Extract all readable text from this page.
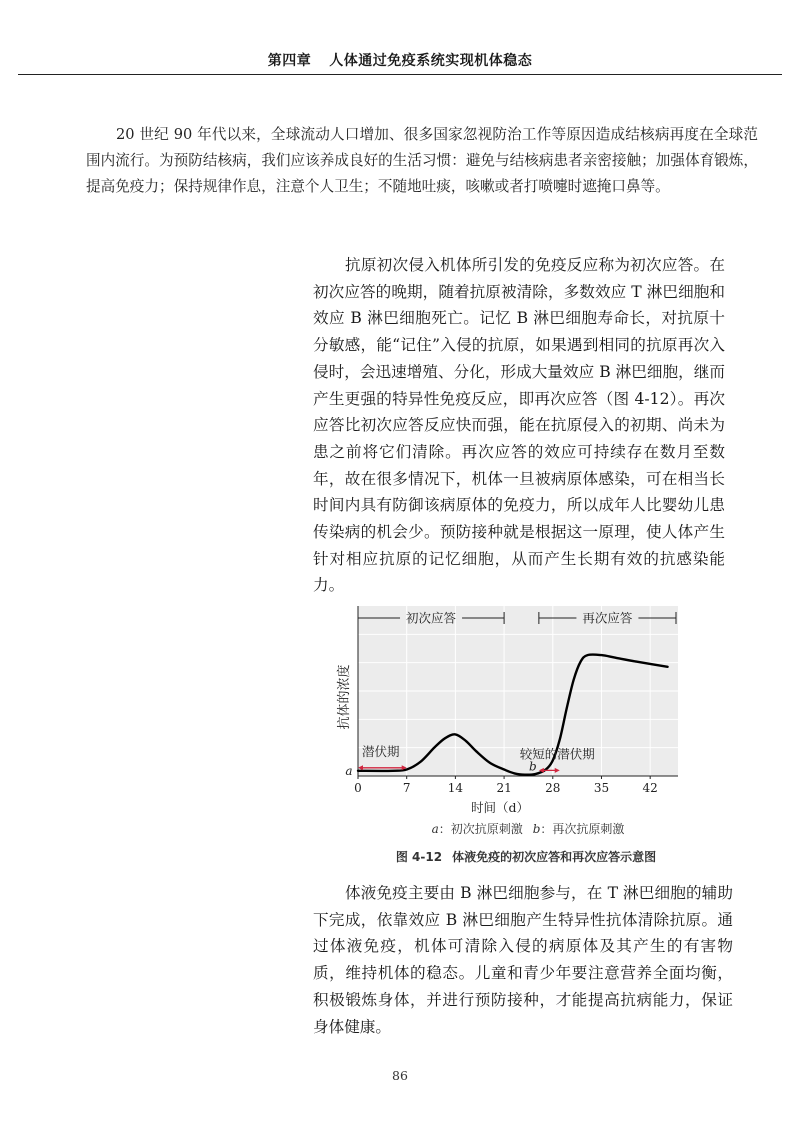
第四章 人体通过免疫系统实现机体稳态
20 世纪 90 年代以来，全球流动人口增加、很多国家忽视防治工作等原因造成结核病再度在全球范围内流行。为预防结核病，我们应该养成良好的生活习惯：避免与结核病患者亲密接触；加强体育锻炼，提高免疫力；保持规律作息，注意个人卫生；不随地吐痰，咳嗽或者打喷嚏时遮掩口鼻等。
抗原初次侵入机体所引发的免疫反应称为初次应答。在初次应答的晚期，随着抗原被清除，多数效应 T 淋巴细胞和效应 B 淋巴细胞死亡。记忆 B 淋巴细胞寿命长，对抗原十分敏感，能“记住”入侵的抗原，如果遇到相同的抗原再次入侵时，会迅速增殖、分化，形成大量效应 B 淋巴细胞，继而产生更强的特异性免疫反应，即再次应答（图 4-12）。再次应答比初次应答反应快而强，能在抗原侵入的初期、尚未为患之前将它们清除。再次应答的效应可持续存在数月至数年，故在很多情况下，机体一旦被病原体感染，可在相当长时间内具有防御该病原体的免疫力，所以成年人比婴幼儿患传染病的机会少。预防接种就是根据这一原理，使人体产生针对相应抗原的记忆细胞，从而产生长期有效的抗感染能力。
初次应答	再次应答
潜伏期	较短的潜伏期
a	b
0	7	14	21	28	35	42
抗体的浓度
时间（d）
a：初次抗原刺激 b：再次抗原刺激
图 4-12 体液免疫的初次应答和再次应答示意图
体液免疫主要由 B 淋巴细胞参与，在 T 淋巴细胞的辅助下完成，依靠效应 B 淋巴细胞产生特异性抗体清除抗原。通过体液免疫，机体可清除入侵的病原体及其产生的有害物质，维持机体的稳态。儿童和青少年要注意营养全面均衡，积极锻炼身体，并进行预防接种，才能提高抗病能力，保证身体健康。
86
